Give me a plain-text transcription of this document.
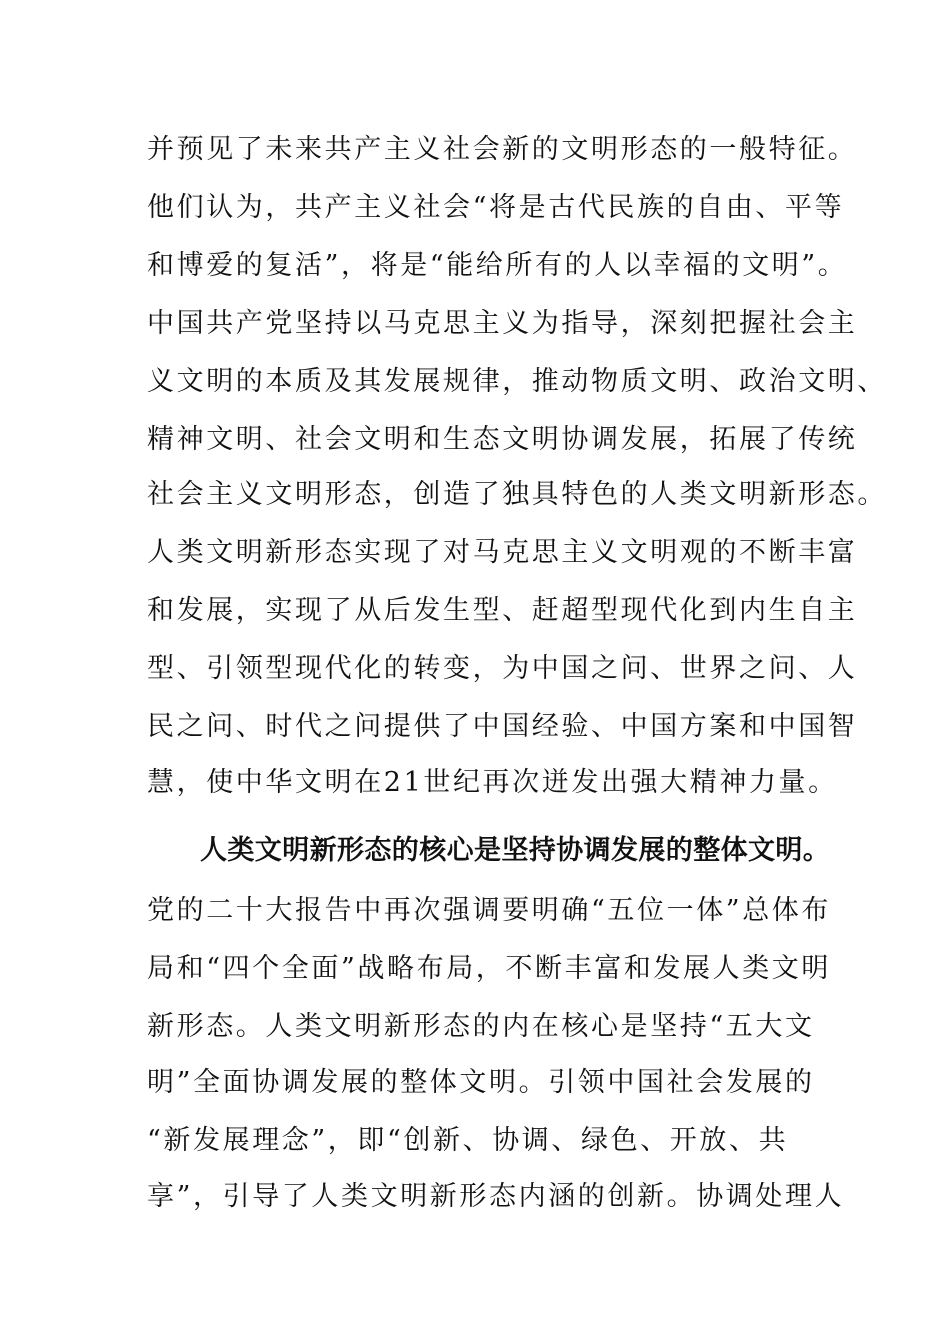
并预见了未来共产主义社会新的文明形态的一般特征。
他们认为，共产主义社会“将是古代民族的自由、平等
和博爱的复活”，将是“能给所有的人以幸福的文明”。
中国共产党坚持以马克思主义为指导，深刻把握社会主
义文明的本质及其发展规律，推动物质文明、政治文明、
精神文明、社会文明和生态文明协调发展，拓展了传统
社会主义文明形态，创造了独具特色的人类文明新形态。
人类文明新形态实现了对马克思主义文明观的不断丰富
和发展，实现了从后发生型、赶超型现代化到内生自主
型、引领型现代化的转变，为中国之问、世界之问、人
民之问、时代之问提供了中国经验、中国方案和中国智
慧，使中华文明在21世纪再次迸发出强大精神力量。
人类文明新形态的核心是坚持协调发展的整体文明。
党的二十大报告中再次强调要明确“五位一体”总体布
局和“四个全面”战略布局，不断丰富和发展人类文明
新形态。人类文明新形态的内在核心是坚持“五大文
明”全面协调发展的整体文明。引领中国社会发展的
“新发展理念”，即“创新、协调、绿色、开放、共
享”，引导了人类文明新形态内涵的创新。协调处理人
